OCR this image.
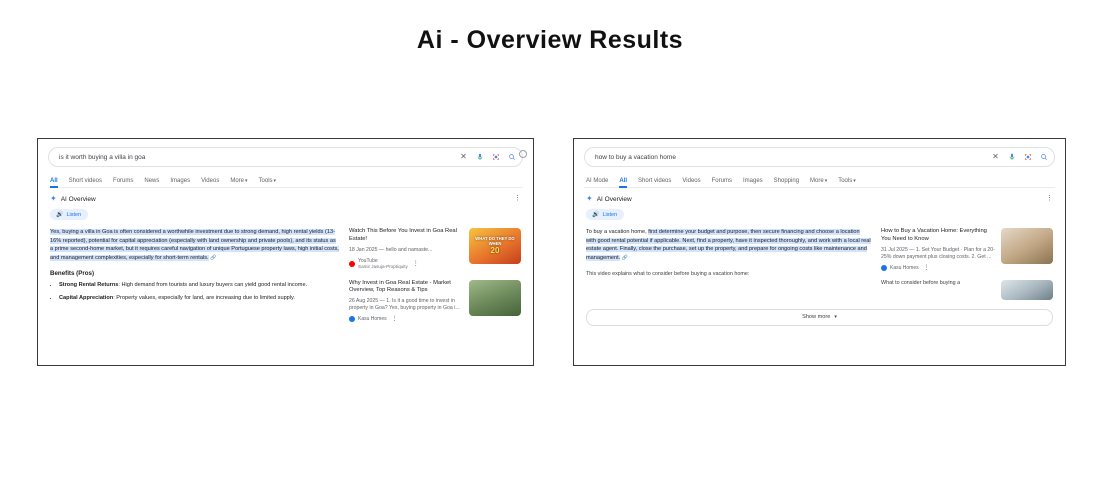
Ai - Overview Results
is it worth buying a villa in goa	✕
All Short videos Forums News Images Videos More▾ Tools▾
✦ AI Overview	⋮
🔊 Listen

Yes, buying a villa in Goa is often considered a worthwhile investment due to strong demand, high rental yields (13-16% reported), potential for capital appreciation (especially with land ownership and private pools), and its status as a prime second-home market, but it requires careful navigation of unique Portuguese property laws, high initial costs, and management complexities, especially for short-term rentals. 🔗

Benefits (Pros)
• Strong Rental Returns: High demand from tourists and luxury buyers can yield good rental income.
• Capital Appreciation: Property values, especially for land, are increasing due to limited supply.
Watch This Before You Invest in Goa Real Estate!
18 Jan 2025 — hello and namaste...
YouTube
Samir Jasuja-Proptiquity ⋮
WHAT DO THEY DO WHEN
20
Why Invest in Goa Real Estate - Market Overview, Top Reasons & Tips
26 Aug 2025 — 1. Is it a good time to invest in property in Goa? Yes, buying property in Goa i...
Kasu Homes ⋮
how to buy a vacation home	✕
AI Mode All Short videos Videos Forums Images Shopping More▾ Tools▾
✦ AI Overview	⋮
🔊 Listen

To buy a vacation home, first determine your budget and purpose, then secure financing and choose a location with good rental potential if applicable. Next, find a property, have it inspected thoroughly, and work with a local real estate agent. Finally, close the purchase, set up the property, and prepare for ongoing costs like maintenance and management. 🔗

This video explains what to consider before buying a vacation home:
How to Buy a Vacation Home: Everything You Need to Know
31 Jul 2025 — 1. Set Your Budget · Plan for a 20-25% down payment plus closing costs. 2. Get ...
Kasu Homes ⋮
What to consider before buying a
Show more ▾
